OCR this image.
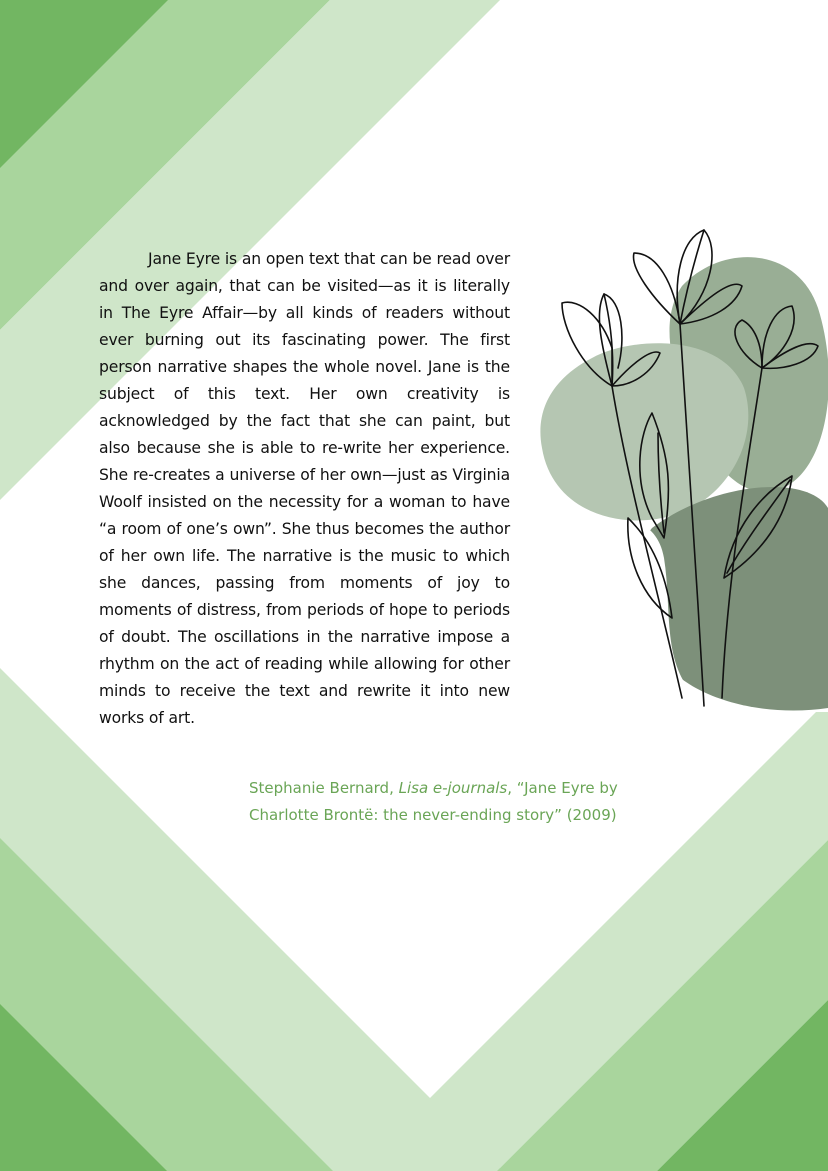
Jane Eyre is an open text that can be read over and over again, that can be visited—as it is literally in The Eyre Affair—by all kinds of readers without ever burning out its fascinating power. The first person narrative shapes the whole novel. Jane is the subject of this text. Her own creativity is acknowledged by the fact that she can paint, but also because she is able to re-write her experience. She re-creates a universe of her own—just as Virginia Woolf insisted on the necessity for a woman to have “a room of one’s own”. She thus becomes the author of her own life. The narrative is the music to which she dances, passing from moments of joy to moments of distress, from periods of hope to periods of doubt. The oscillations in the narrative impose a rhythm on the act of reading while allowing for other minds to receive the text and rewrite it into new works of art.

Stephanie Bernard, Lisa e-journals, “Jane Eyre by
Charlotte Brontë: the never-ending story” (2009)
